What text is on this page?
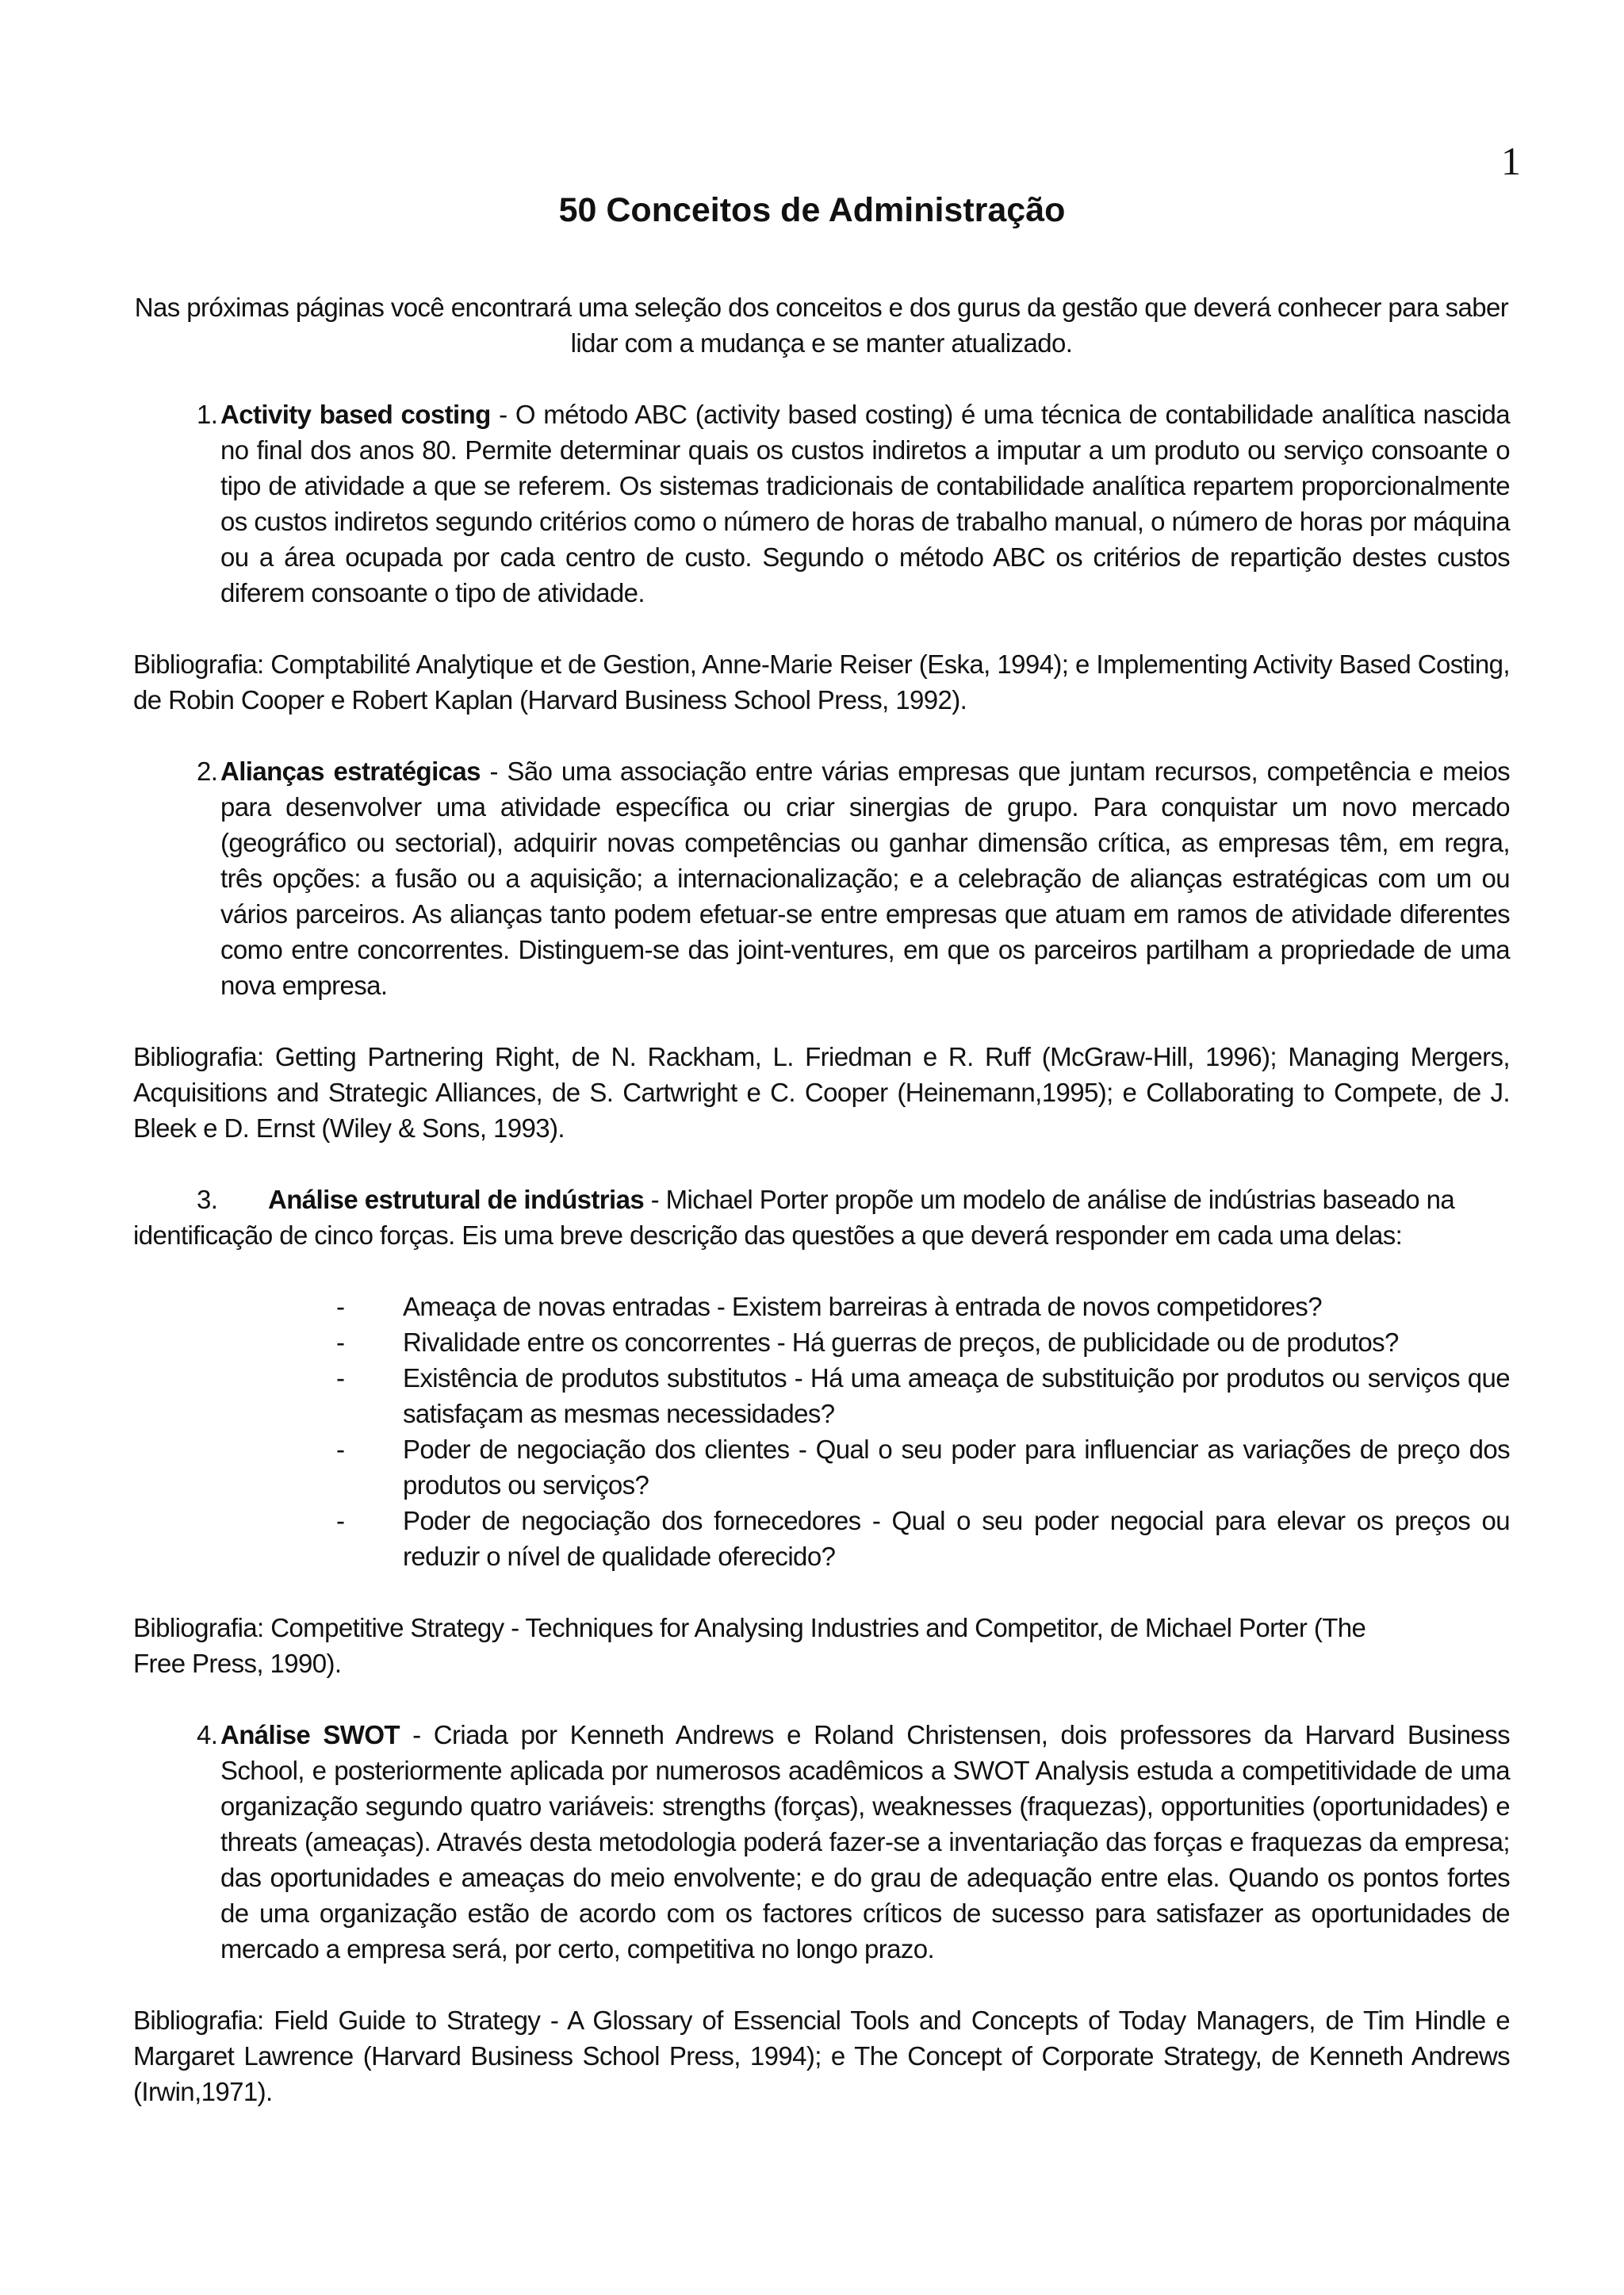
1
50 Conceitos de Administração

Nas próximas páginas você encontrará uma seleção dos conceitos e dos gurus da gestão que deverá conhecer para saber lidar com a mudança e se manter atualizado.

1. Activity based costing - O método ABC (activity based costing) é uma técnica de contabilidade analítica nascida no final dos anos 80. Permite determinar quais os custos indiretos a imputar a um produto ou serviço consoante o tipo de atividade a que se referem. Os sistemas tradicionais de contabilidade analítica repartem proporcionalmente os custos indiretos segundo critérios como o número de horas de trabalho manual, o número de horas por máquina ou a área ocupada por cada centro de custo. Segundo o método ABC os critérios de repartição destes custos diferem consoante o tipo de atividade.

Bibliografia: Comptabilité Analytique et de Gestion, Anne-Marie Reiser (Eska, 1994); e Implementing Activity Based Costing, de Robin Cooper e Robert Kaplan (Harvard Business School Press, 1992).

2. Alianças estratégicas - São uma associação entre várias empresas que juntam recursos, competência e meios para desenvolver uma atividade específica ou criar sinergias de grupo. Para conquistar um novo mercado (geográfico ou sectorial), adquirir novas competências ou ganhar dimensão crítica, as empresas têm, em regra, três opções: a fusão ou a aquisição; a internacionalização; e a celebração de alianças estratégicas com um ou vários parceiros. As alianças tanto podem efetuar-se entre empresas que atuam em ramos de atividade diferentes como entre concorrentes. Distinguem-se das joint-ventures, em que os parceiros partilham a propriedade de uma nova empresa.

Bibliografia: Getting Partnering Right, de N. Rackham, L. Friedman e R. Ruff (McGraw-Hill, 1996); Managing Mergers, Acquisitions and Strategic Alliances, de S. Cartwright e C. Cooper (Heinemann,1995); e Collaborating to Compete, de J. Bleek e D. Ernst (Wiley & Sons, 1993).

3. Análise estrutural de indústrias - Michael Porter propõe um modelo de análise de indústrias baseado na identificação de cinco forças. Eis uma breve descrição das questões a que deverá responder em cada uma delas:

-	Ameaça de novas entradas - Existem barreiras à entrada de novos competidores?
-	Rivalidade entre os concorrentes - Há guerras de preços, de publicidade ou de produtos?
-	Existência de produtos substitutos - Há uma ameaça de substituição por produtos ou serviços que satisfaçam as mesmas necessidades?
-	Poder de negociação dos clientes - Qual o seu poder para influenciar as variações de preço dos produtos ou serviços?
-	Poder de negociação dos fornecedores - Qual o seu poder negocial para elevar os preços ou reduzir o nível de qualidade oferecido?

Bibliografia: Competitive Strategy - Techniques for Analysing Industries and Competitor, de Michael Porter (The Free Press, 1990).

4. Análise SWOT - Criada por Kenneth Andrews e Roland Christensen, dois professores da Harvard Business School, e posteriormente aplicada por numerosos acadêmicos a SWOT Analysis estuda a competitividade de uma organização segundo quatro variáveis: strengths (forças), weaknesses (fraquezas), opportunities (oportunidades) e threats (ameaças). Através desta metodologia poderá fazer-se a inventariação das forças e fraquezas da empresa; das oportunidades e ameaças do meio envolvente; e do grau de adequação entre elas. Quando os pontos fortes de uma organização estão de acordo com os factores críticos de sucesso para satisfazer as oportunidades de mercado a empresa será, por certo, competitiva no longo prazo.

Bibliografia: Field Guide to Strategy - A Glossary of Essencial Tools and Concepts of Today Managers, de Tim Hindle e Margaret Lawrence (Harvard Business School Press, 1994); e The Concept of Corporate Strategy, de Kenneth Andrews (Irwin,1971).
